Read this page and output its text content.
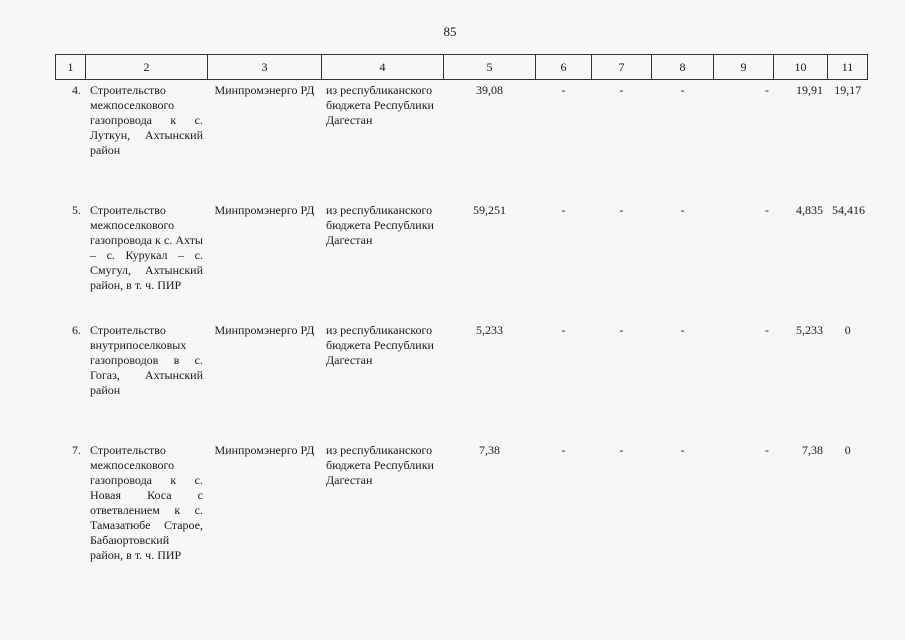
85
1	2	3	4	5	6	7	8	9	10	11
4.	Строительство межпоселкового газопровода к с. Луткун, Ахтынский район	Минпромэнерго РД	из республиканского бюджета Республики Дагестан	39,08	-	-	-	-	19,91	19,17
5.	Строительство межпоселкового газопровода к с. Ахты – с. Курукал – с. Смугул, Ахтынский район, в т. ч. ПИР	Минпромэнерго РД	из республиканского бюджета Республики Дагестан	59,251	-	-	-	-	4,835	54,416
6.	Строительство внутрипоселковых газопроводов в с. Гогаз, Ахтынский район	Минпромэнерго РД	из республиканского бюджета Республики Дагестан	5,233	-	-	-	-	5,233	0
7.	Строительство межпоселкового газопровода к с. Новая Коса с ответвлением к с. Тамазатюбе Старое, Бабаюртовский район, в т. ч. ПИР	Минпромэнерго РД	из республиканского бюджета Республики Дагестан	7,38	-	-	-	-	7,38	0
